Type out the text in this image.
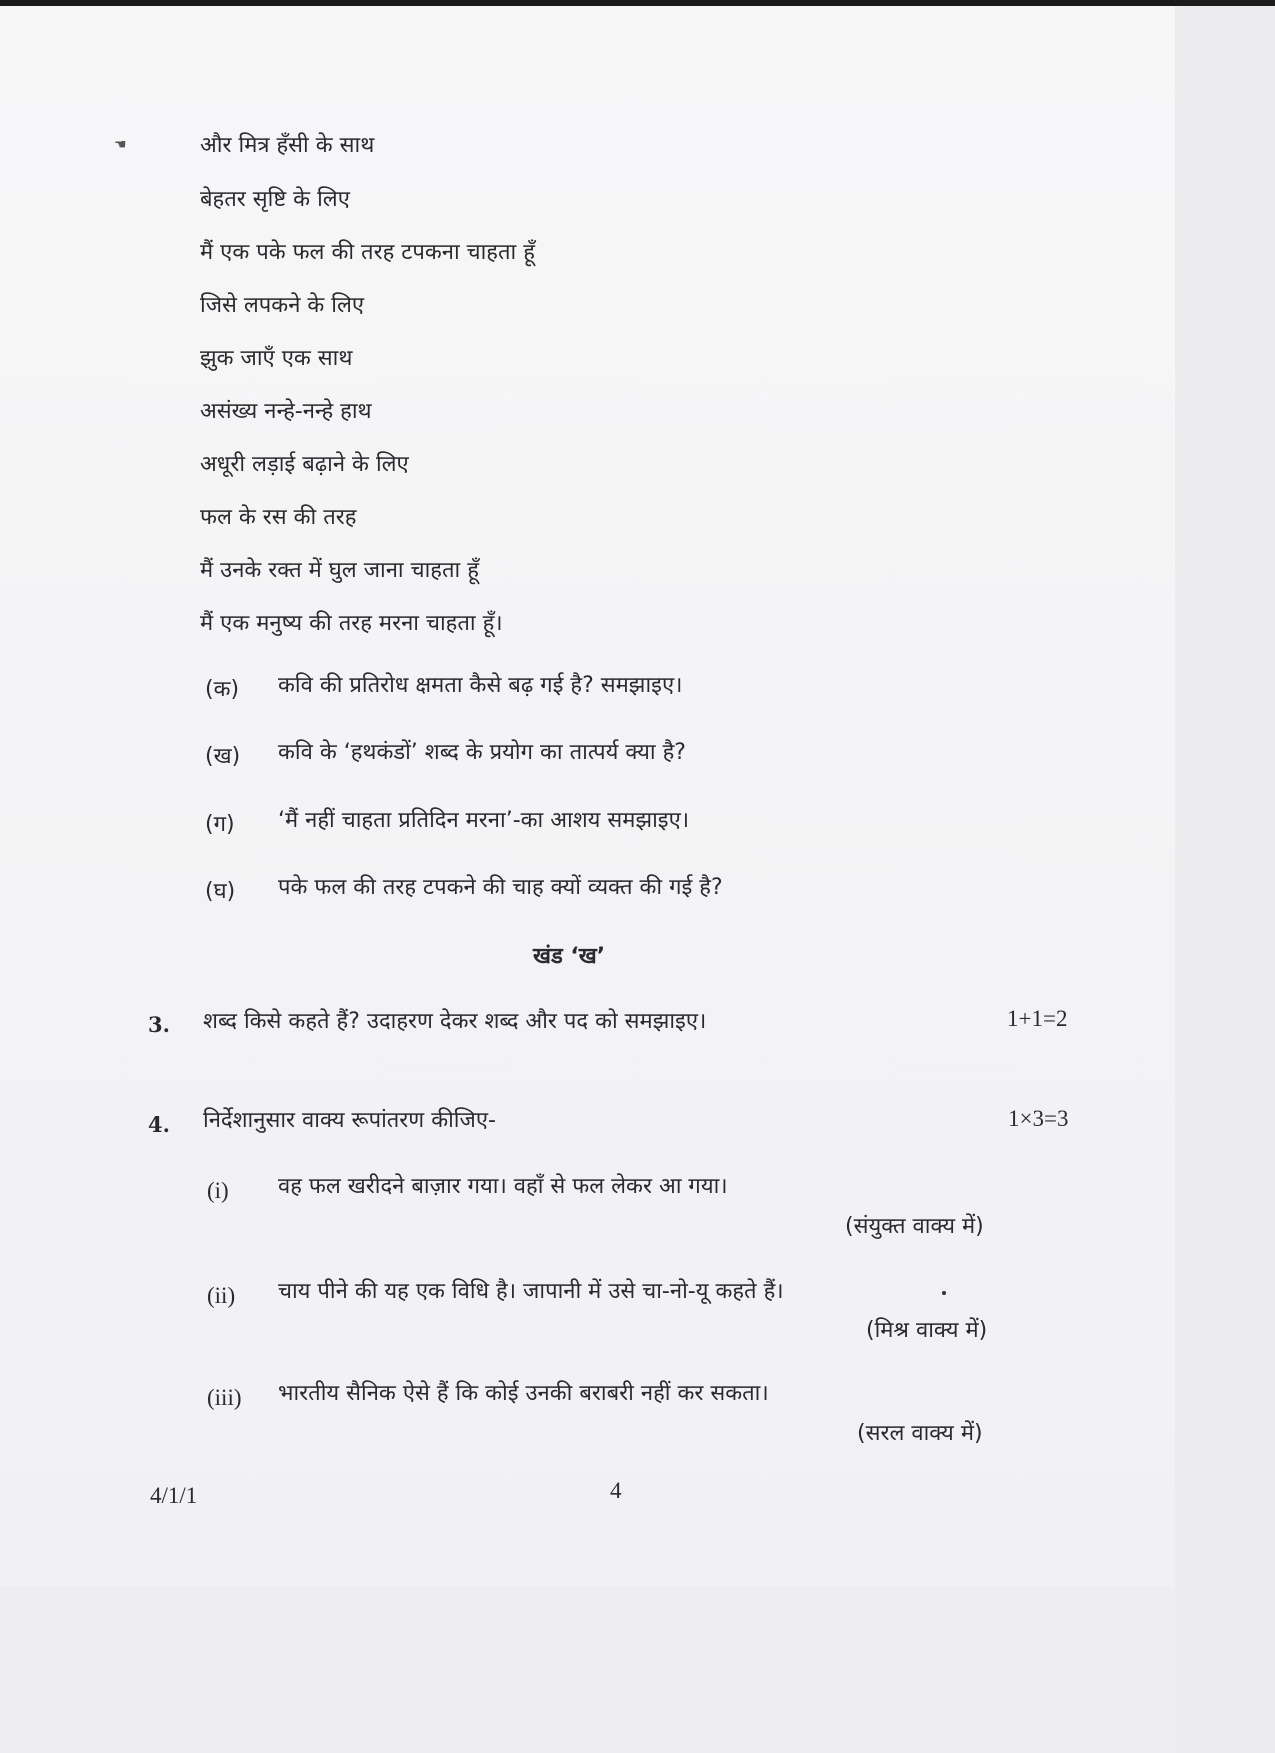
☚	और मित्र हँसी के साथ
बेहतर सृष्टि के लिए
मैं एक पके फल की तरह टपकना चाहता हूँ
जिसे लपकने के लिए
झुक जाएँ एक साथ
असंख्य नन्हे-नन्हे हाथ
अधूरी लड़ाई बढ़ाने के लिए
फल के रस की तरह
मैं उनके रक्त में घुल जाना चाहता हूँ
मैं एक मनुष्य की तरह मरना चाहता हूँ।
(क) कवि की प्रतिरोध क्षमता कैसे बढ़ गई है? समझाइए।
(ख) कवि के ‘हथकंडों’ शब्द के प्रयोग का तात्पर्य क्या है?
(ग) ‘मैं नहीं चाहता प्रतिदिन मरना’-का आशय समझाइए।
(घ) पके फल की तरह टपकने की चाह क्यों व्यक्त की गई है?
खंड ‘ख’
3. शब्द किसे कहते हैं? उदाहरण देकर शब्द और पद को समझाइए।	1+1=2
4. निर्देशानुसार वाक्य रूपांतरण कीजिए-	1×3=3
(i) वह फल खरीदने बाज़ार गया। वहाँ से फल लेकर आ गया।
(संयुक्त वाक्य में)
(ii) चाय पीने की यह एक विधि है। जापानी में उसे चा-नो-यू कहते हैं।
(मिश्र वाक्य में)
(iii) भारतीय सैनिक ऐसे हैं कि कोई उनकी बराबरी नहीं कर सकता।
(सरल वाक्य में)
4/1/1	4
